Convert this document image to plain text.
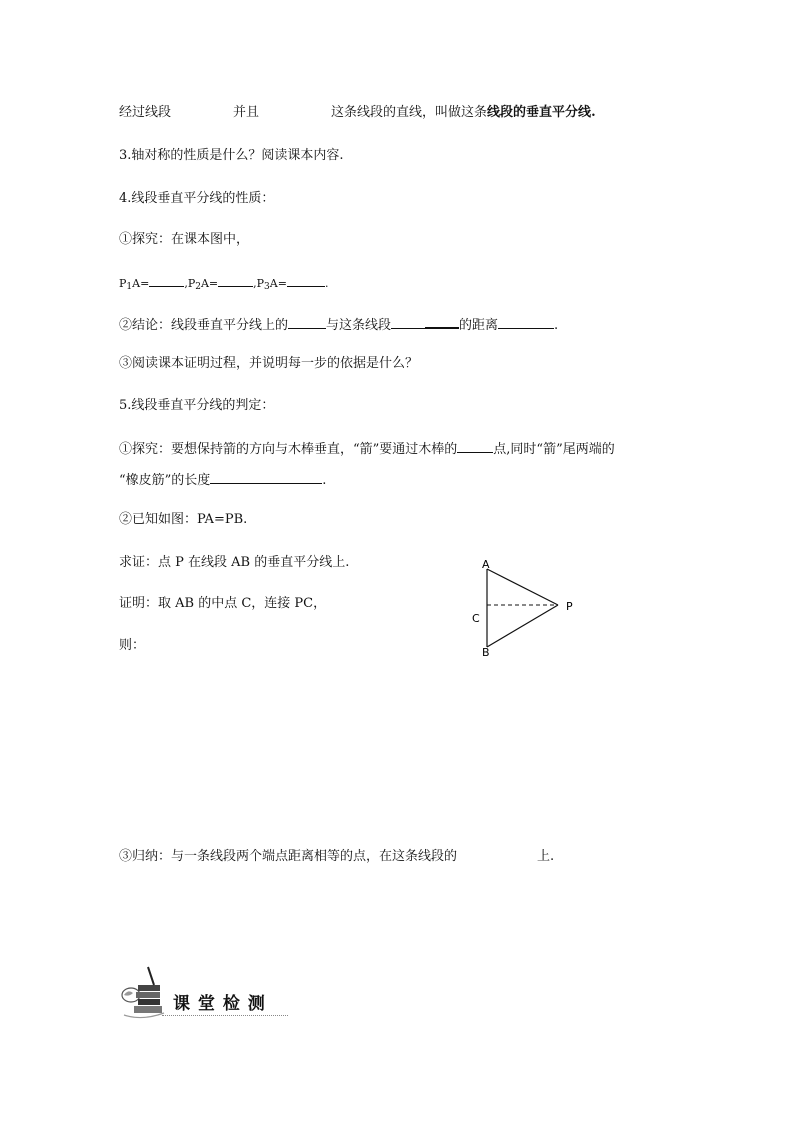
经过线段	并且	这条线段的直线，叫做这条线段的垂直平分线.
3.轴对称的性质是什么？阅读课本内容.
4.线段垂直平分线的性质：
①探究：在课本图中，
$P_1A=$	$,P_2A=$	$,P_3A=$	.
②结论：线段垂直平分线上的	与这条线段	的距离	.
③阅读课本证明过程，并说明每一步的依据是什么？
5.线段垂直平分线的判定：
①探究：要想保持箭的方向与木棒垂直，“箭”要通过木棒的	点,同时“箭”尾两端的
“橡皮筋”的长度	.
②已知如图：PA=PB.
求证：点 P 在线段 AB 的垂直平分线上.
证明：取 AB 的中点 C，连接 PC，
则：
A
B
C
P
③归纳：与一条线段两个端点距离相等的点，在这条线段的	上.
课 堂 检 测
